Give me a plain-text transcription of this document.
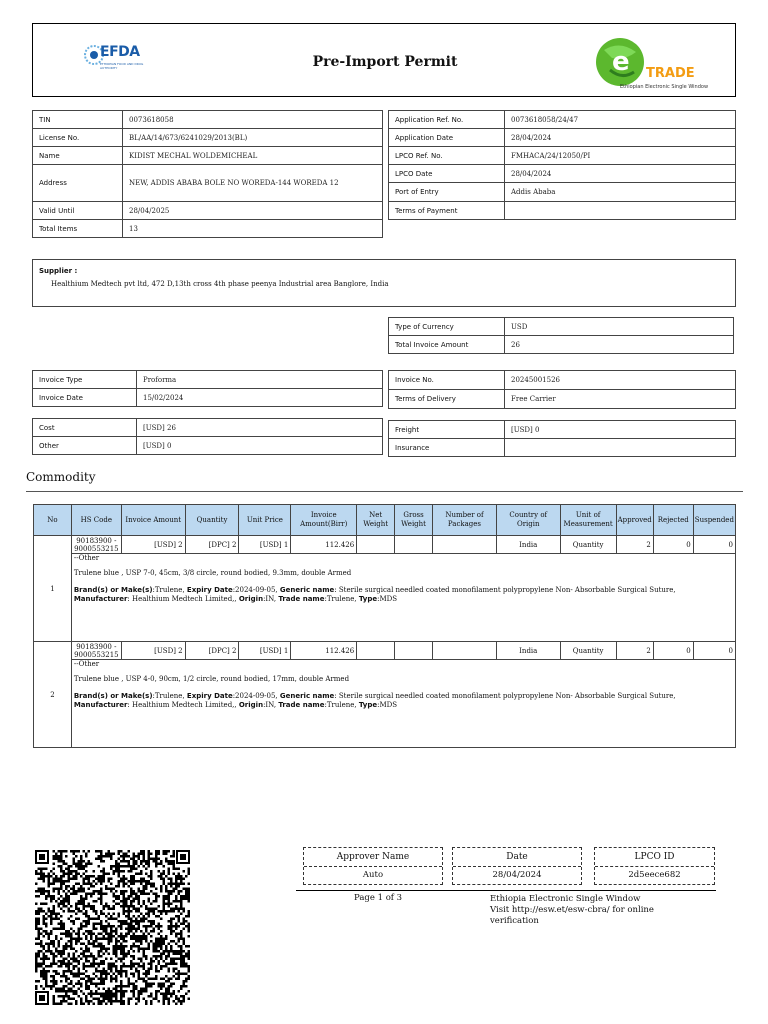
EFDA
ETHIOPIAN FOOD AND DRUG AUTHORITY	Pre-Import Permit	e TRADE
Ethiopian Electronic Single Window
TIN	0073618058
License No.	BL/AA/14/673/6241029/2013(BL)
Name	KIDIST MECHAL WOLDEMICHEAL
Address	NEW, ADDIS ABABA BOLE NO WOREDA-144 WOREDA 12
Valid Until	28/04/2025
Total Items	13
Application Ref. No.	0073618058/24/47
Application Date	28/04/2024
LPCO Ref. No.	FMHACA/24/12050/PI
LPCO Date	28/04/2024
Port of Entry	Addis Ababa
Terms of Payment	
Supplier :
Healthium Medtech pvt ltd, 472 D,13th cross 4th phase peenya Industrial area Banglore, India
Type of Currency	USD
Total Invoice Amount	26
Invoice Type	Proforma
Invoice Date	15/02/2024
Invoice No.	20245001526
Terms of Delivery	Free Carrier
Cost	[USD] 26
Other	[USD] 0
Freight	[USD] 0
Insurance	
Commodity
No	HS Code	Invoice Amount	Quantity	Unit Price	Invoice Amount(Birr)	Net Weight	Gross Weight	Number of Packages	Country of Origin	Unit of Measurement	Approved	Rejected	Suspended
1	90183900 - 9000553215	[USD] 2	[DPC] 2	[USD] 1	112.426				India	Quantity	2	0	0

	--Other

Trulene blue , USP 7-0, 45cm, 3/8 circle, round bodied, 9.3mm, double Armed

Brand(s) or Make(s):Trulene, Expiry Date:2024-09-05, Generic name: Sterile surgical needled coated monofilament polypropylene Non- Absorbable Surgical Suture, Manufacturer: Healthium Medtech Limited,, Origin:IN, Trade name:Trulene, Type:MDS												

2	90183900 - 9000553215	[USD] 2	[DPC] 2	[USD] 1	112.426				India	Quantity	2	0	0

	--Other

Trulene blue , USP 4-0, 90cm, 1/2 circle, round bodied, 17mm, double Armed

Brand(s) or Make(s):Trulene, Expiry Date:2024-09-05, Generic name: Sterile surgical needled coated monofilament polypropylene Non- Absorbable Surgical Suture, Manufacturer: Healthium Medtech Limited,, Origin:IN, Trade name:Trulene, Type:MDS												

Approver Name
Auto
Date
28/04/2024
LPCO ID
2d5eece682
Page 1 of 3	Ethiopia Electronic Single Window
Visit http://esw.et/esw-cbra/ for online verification
